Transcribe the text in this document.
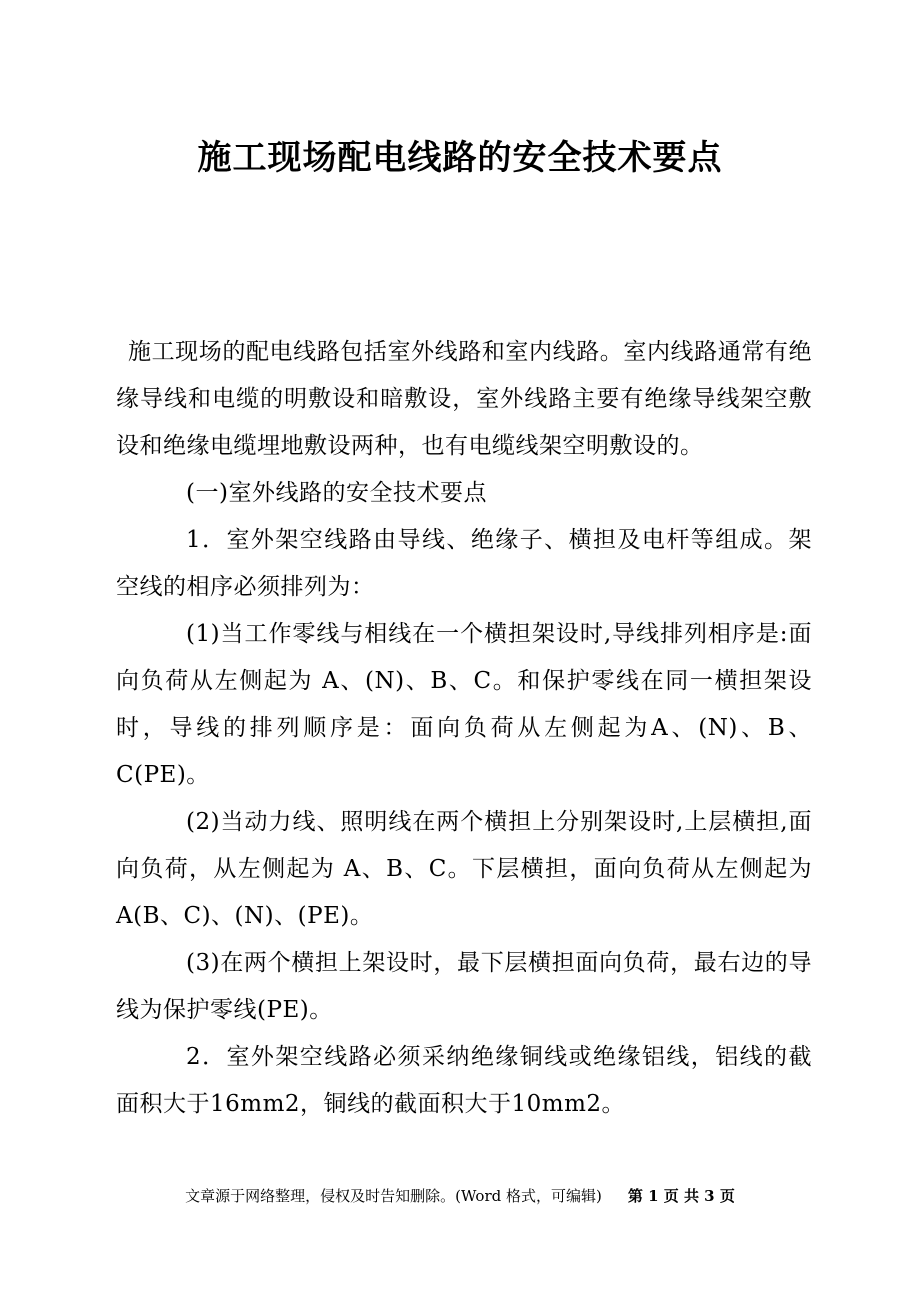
施工现场配电线路的安全技术要点

施工现场的配电线路包括室外线路和室内线路。室内线路通常有绝缘导线和电缆的明敷设和暗敷设，室外线路主要有绝缘导线架空敷设和绝缘电缆埋地敷设两种，也有电缆线架空明敷设的。

(一)室外线路的安全技术要点

1．室外架空线路由导线、绝缘子、横担及电杆等组成。架空线的相序必须排列为：

(1)当工作零线与相线在一个横担架设时,导线排列相序是:面向负荷从左侧起为 A、(N)、B、C。和保护零线在同一横担架设时，导线的排列顺序是：面向负荷从左侧起为A、(N)、B、C(PE)。

(2)当动力线、照明线在两个横担上分别架设时,上层横担,面向负荷，从左侧起为 A、B、C。下层横担，面向负荷从左侧起为A(B、C)、(N)、(PE)。

(3)在两个横担上架设时，最下层横担面向负荷，最右边的导线为保护零线(PE)。

2．室外架空线路必须采纳绝缘铜线或绝缘铝线，铝线的截面积大于16mm2，铜线的截面积大于10mm2。

文章源于网络整理，侵权及时告知删除。(Word 格式，可编辑) 第 1 页 共 3 页
